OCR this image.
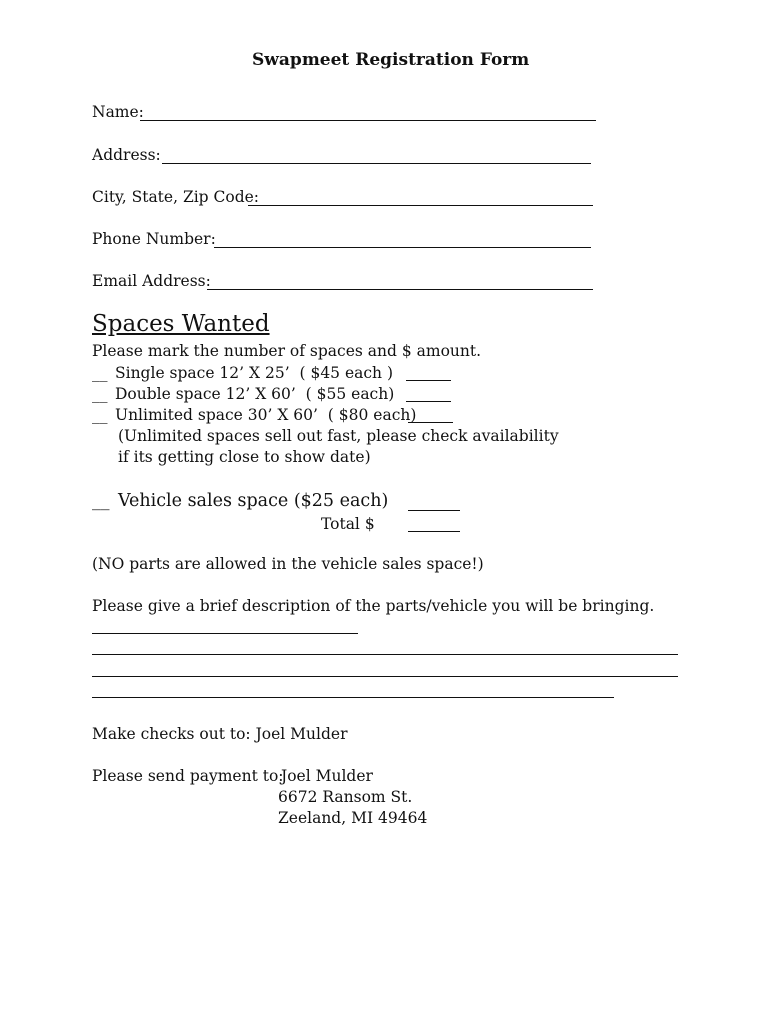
Swapmeet Registration Form
Name:
Address:
City, State, Zip Code:
Phone Number:
Email Address:
Spaces Wanted
Please mark the number of spaces and $ amount.
__ Single space 12’ X 25’  ( $45 each )
__ Double space 12’ X 60’  ( $55 each)
__ Unlimited space 30’ X 60’  ( $80 each)
(Unlimited spaces sell out fast, please check availability
if its getting close to show date)
__ Vehicle sales space ($25 each)
Total $
(NO parts are allowed in the vehicle sales space!)
Please give a brief description of the parts/vehicle you will be bringing.
Make checks out to: Joel Mulder
Please send payment to:
Joel Mulder
6672 Ransom St.
Zeeland, MI 49464
